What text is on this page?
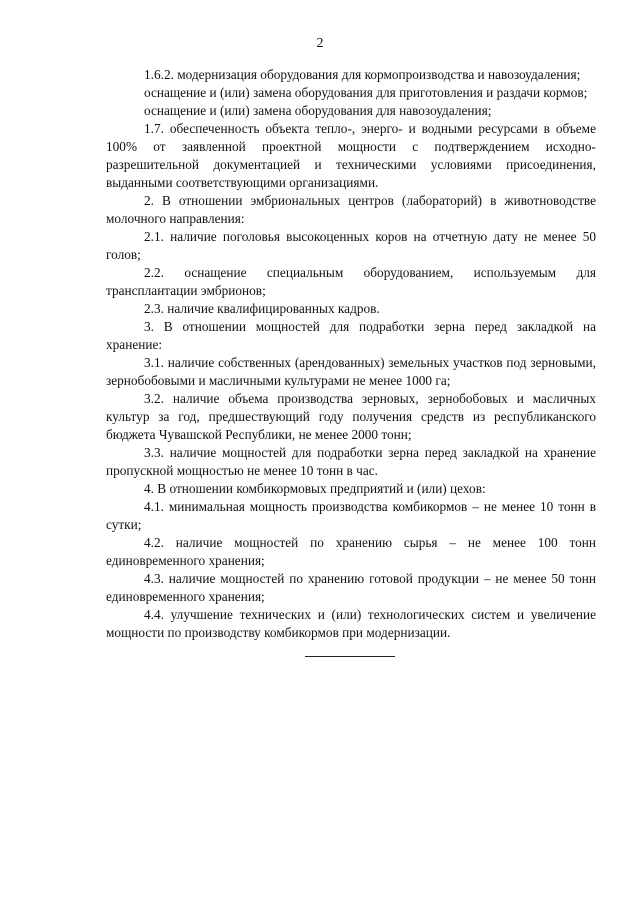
2

1.6.2. модернизация оборудования для кормопроизводства и навозоудаления;

оснащение и (или) замена оборудования для приготовления и раздачи кормов;

оснащение и (или) замена оборудования для навозоудаления;

1.7. обеспеченность объекта тепло-, энерго- и водными ресурсами в объеме 100% от заявленной проектной мощности с подтверждением исходно-разрешительной документацией и техническими условиями присоединения, выданными соответствующими организациями.

2. В отношении эмбриональных центров (лабораторий) в животноводстве молочного направления:

2.1. наличие поголовья высокоценных коров на отчетную дату не менее 50 голов;

2.2. оснащение специальным оборудованием, используемым для трансплантации эмбрионов;

2.3. наличие квалифицированных кадров.

3. В отношении мощностей для подработки зерна перед закладкой на хранение:

3.1. наличие собственных (арендованных) земельных участков под зерновыми, зернобобовыми и масличными культурами не менее 1000 га;

3.2. наличие объема производства зерновых, зернобобовых и масличных культур за год, предшествующий году получения средств из республиканского бюджета Чувашской Республики, не менее 2000 тонн;

3.3. наличие мощностей для подработки зерна перед закладкой на хранение пропускной мощностью не менее 10 тонн в час.

4. В отношении комбикормовых предприятий и (или) цехов:

4.1. минимальная мощность производства комбикормов – не менее 10 тонн в сутки;

4.2. наличие мощностей по хранению сырья – не менее 100 тонн единовременного хранения;

4.3. наличие мощностей по хранению готовой продукции – не менее 50 тонн единовременного хранения;

4.4. улучшение технических и (или) технологических систем и увеличение мощности по производству комбикормов при модернизации.
